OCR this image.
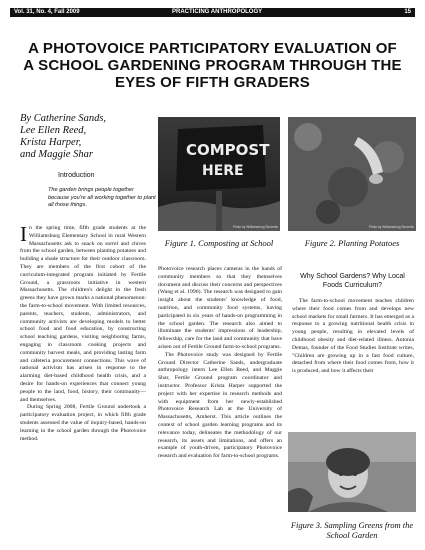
Vol. 31, No. 4, Fall 2009	PRACTICING ANTHROPOLOGY	15
A PHOTOVOICE PARTICIPATORY EVALUATION OF
A SCHOOL GARDENING PROGRAM THROUGH THE
EYES OF FIFTH GRADERS
By Catherine Sands,
Lee Ellen Reed,
Krista Harper,
and Maggie Shar
Introduction
The garden brings people together because you're all working together to plant all those things.

In the spring time, fifth grade students at the Williamsburg Elementary School in rural Western Massachusetts ask to snack on sorrel and chives from the school garden, between planting potatoes and building a shade structure for their outdoor classroom. They are members of the first cohort of the curriculum-integrated program initiated by Fertile Ground, a grassroots initiative in western Massachusetts. The children's delight in the fresh greens they have grown marks a national phenomenon: the farm-to-school movement. With limited resources, parents, teachers, students, administrators, and community activists are developing models to better school food and food education, by constructing school teaching gardens, visiting neighboring farms, engaging in classroom cooking projects and community harvest meals, and providing lasting farm and cafeteria procurement connections. This wave of national activism has arisen in response to the alarming diet-based childhood health crisis, and a desire for hands-on experiences that connect young people to the land, food, history, their community—and themselves.

During Spring 2008, Fertile Ground undertook a participatory evaluation project, in which fifth grade students assessed the value of inquiry-based, hands-on learning in the school garden through the Photovoice method.

COMPOST
HERE
Photo by Williamsburg Students
Figure 1. Composting at School
Photo by Williamsburg Students
Figure 2. Planting Potatoes

Photovoice research places cameras in the hands of community members so that they themselves document and discuss their concerns and perspectives (Wang et al. 1996). The research was designed to gain insight about the students' knowledge of food, nutrition, and community food systems, having participated in six years of hands-on programming in the school garden. The research also aimed to illuminate the students' impressions of leadership, fellowship, care for the land and community that have arisen out of Fertile Ground farm-to-school programs.

The Photovoice study was designed by Fertile Ground Director Catherine Sands, undergraduate anthropology intern Lee Ellen Reed, and Maggie Shar, Fertile Ground program coordinator and instructor. Professor Krista Harper supported the project with her expertise in research methods and with equipment from her newly-established Photovoice Research Lab at the University of Massachusetts, Amherst. This article outlines the context of school garden learning programs and its relevance today, delineates the methodology of our research, its assets and limitations, and offers an example of youth-driven, participatory Photovoice research and evaluation for farm-to-school programs.

Why School Gardens? Why Local Foods Curriculum?

The farm-to-school movement teaches children where their food comes from and develops new school markets for small farmers. It has emerged as a response to a growing nutritional health crisis in young people, resulting in elevated levels of childhood obesity and diet-related illness. Antonia Demas, founder of the Food Studies Institute writes, "Children are growing up in a fast food culture, detached from where their food comes from, how it is produced, and how it affects their

Figure 3. Sampling Greens from the School Garden
